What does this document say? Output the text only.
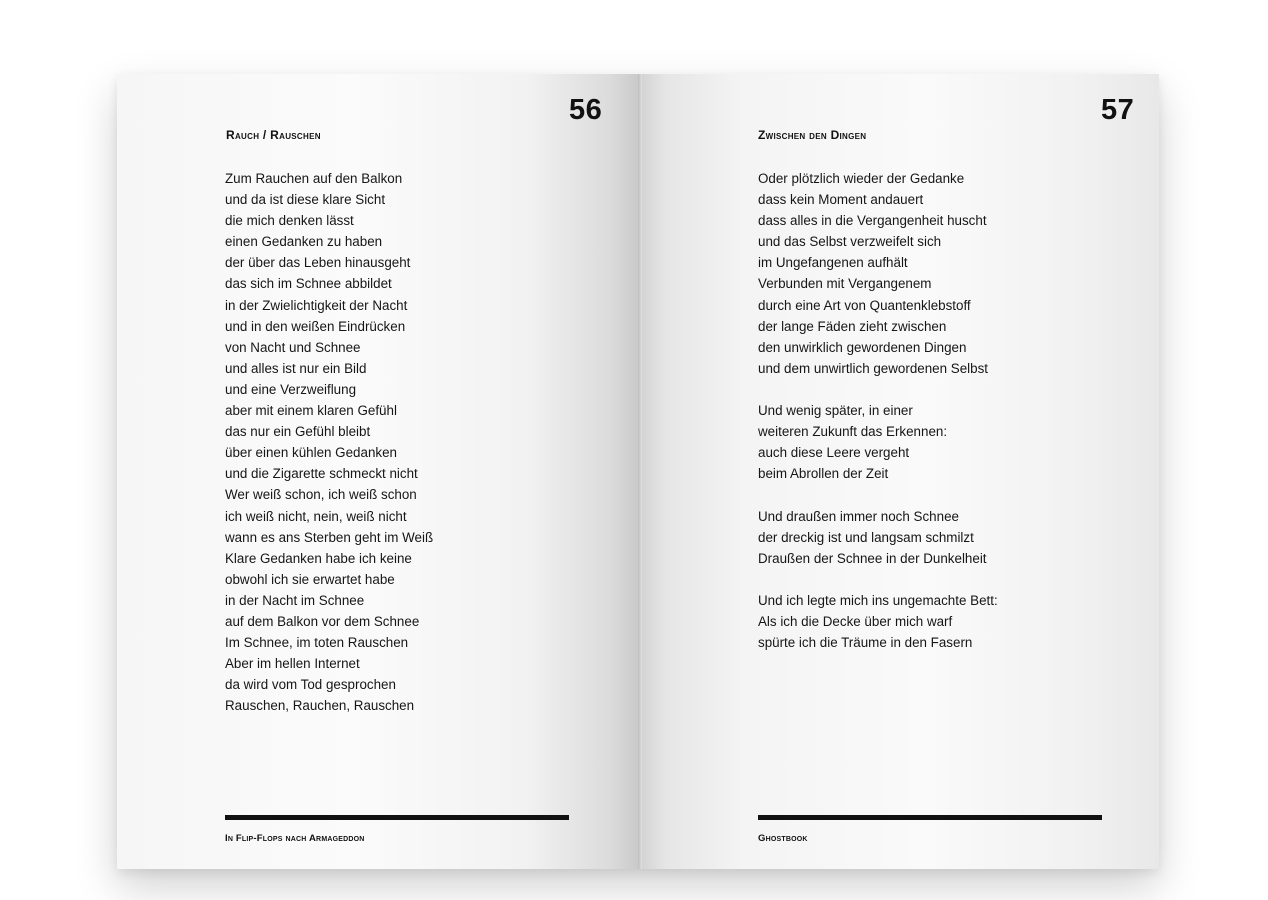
56
Rauch / Rauschen
Zum Rauchen auf den Balkon
und da ist diese klare Sicht
die mich denken lässt
einen Gedanken zu haben
der über das Leben hinausgeht
das sich im Schnee abbildet
in der Zwielichtigkeit der Nacht
und in den weißen Eindrücken
von Nacht und Schnee
und alles ist nur ein Bild
und eine Verzweiflung
aber mit einem klaren Gefühl
das nur ein Gefühl bleibt
über einen kühlen Gedanken
und die Zigarette schmeckt nicht
Wer weiß schon, ich weiß schon
ich weiß nicht, nein, weiß nicht
wann es ans Sterben geht im Weiß
Klare Gedanken habe ich keine
obwohl ich sie erwartet habe
in der Nacht im Schnee
auf dem Balkon vor dem Schnee
Im Schnee, im toten Rauschen
Aber im hellen Internet
da wird vom Tod gesprochen
Rauschen, Rauchen, Rauschen
In Flip-Flops nach Armageddon
57
Zwischen den Dingen
Oder plötzlich wieder der Gedanke
dass kein Moment andauert
dass alles in die Vergangenheit huscht
und das Selbst verzweifelt sich
im Ungefangenen aufhält
Verbunden mit Vergangenem
durch eine Art von Quantenklebstoff
der lange Fäden zieht zwischen
den unwirklich gewordenen Dingen
und dem unwirtlich gewordenen Selbst
Und wenig später, in einer
weiteren Zukunft das Erkennen:
auch diese Leere vergeht
beim Abrollen der Zeit
Und draußen immer noch Schnee
der dreckig ist und langsam schmilzt
Draußen der Schnee in der Dunkelheit
Und ich legte mich ins ungemachte Bett:
Als ich die Decke über mich warf
spürte ich die Träume in den Fasern
Ghostbook
